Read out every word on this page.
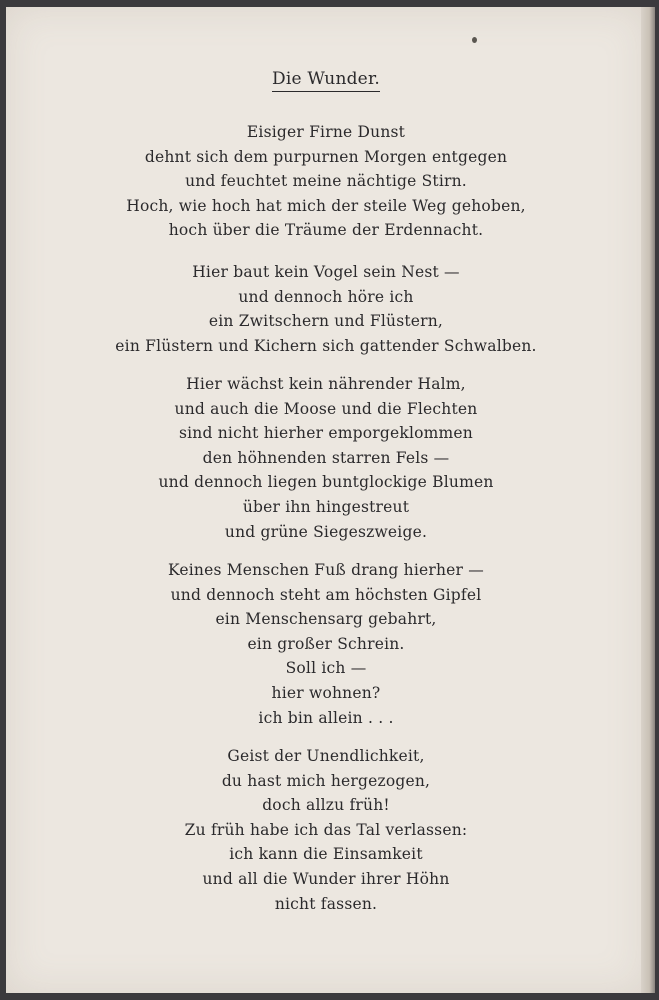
Die Wunder.
Eisiger Firne Dunst
dehnt sich dem purpurnen Morgen entgegen
und feuchtet meine nächtige Stirn.
Hoch, wie hoch hat mich der steile Weg gehoben,
hoch über die Träume der Erdennacht.
Hier baut kein Vogel sein Nest —
und dennoch höre ich
ein Zwitschern und Flüstern,
ein Flüstern und Kichern sich gattender Schwalben.
Hier wächst kein nährender Halm,
und auch die Moose und die Flechten
sind nicht hierher emporgeklommen
den höhnenden starren Fels —
und dennoch liegen buntglockige Blumen
über ihn hingestreut
und grüne Siegeszweige.
Keines Menschen Fuß drang hierher —
und dennoch steht am höchsten Gipfel
ein Menschensarg gebahrt,
ein großer Schrein.
Soll ich —
hier wohnen?
ich bin allein . . .
Geist der Unendlichkeit,
du hast mich hergezogen,
doch allzu früh!
Zu früh habe ich das Tal verlassen:
ich kann die Einsamkeit
und all die Wunder ihrer Höhn
nicht fassen.
